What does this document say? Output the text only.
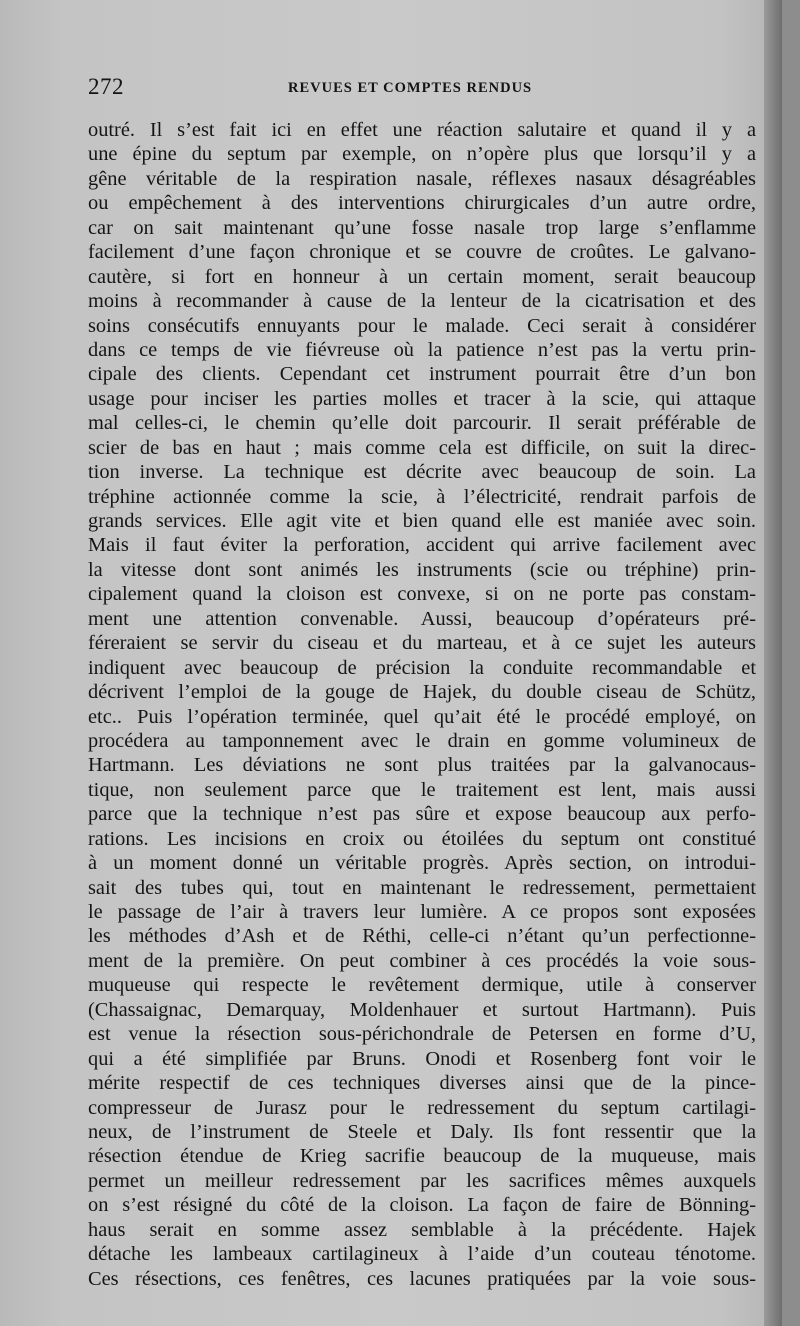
272	REVUES ET COMPTES RENDUS
outré. Il s’est fait ici en effet une réaction salutaire et quand il y a
une épine du septum par exemple, on n’opère plus que lorsqu’il y a
gêne véritable de la respiration nasale, réflexes nasaux désagréables
ou empêchement à des interventions chirurgicales d’un autre ordre,
car on sait maintenant qu’une fosse nasale trop large s’enflamme
facilement d’une façon chronique et se couvre de croûtes. Le galvano-
cautère, si fort en honneur à un certain moment, serait beaucoup
moins à recommander à cause de la lenteur de la cicatrisation et des
soins consécutifs ennuyants pour le malade. Ceci serait à considérer
dans ce temps de vie fiévreuse où la patience n’est pas la vertu prin-
cipale des clients. Cependant cet instrument pourrait être d’un bon
usage pour inciser les parties molles et tracer à la scie, qui attaque
mal celles-ci, le chemin qu’elle doit parcourir. Il serait préférable de
scier de bas en haut ; mais comme cela est difficile, on suit la direc-
tion inverse. La technique est décrite avec beaucoup de soin. La
tréphine actionnée comme la scie, à l’électricité, rendrait parfois de
grands services. Elle agit vite et bien quand elle est maniée avec soin.
Mais il faut éviter la perforation, accident qui arrive facilement avec
la vitesse dont sont animés les instruments (scie ou tréphine) prin-
cipalement quand la cloison est convexe, si on ne porte pas constam-
ment une attention convenable. Aussi, beaucoup d’opérateurs pré-
féreraient se servir du ciseau et du marteau, et à ce sujet les auteurs
indiquent avec beaucoup de précision la conduite recommandable et
décrivent l’emploi de la gouge de Hajek, du double ciseau de Schütz,
etc.. Puis l’opération terminée, quel qu’ait été le procédé employé, on
procédera au tamponnement avec le drain en gomme volumineux de
Hartmann. Les déviations ne sont plus traitées par la galvanocaus-
tique, non seulement parce que le traitement est lent, mais aussi
parce que la technique n’est pas sûre et expose beaucoup aux perfo-
rations. Les incisions en croix ou étoilées du septum ont constitué
à un moment donné un véritable progrès. Après section, on introdui-
sait des tubes qui, tout en maintenant le redressement, permettaient
le passage de l’air à travers leur lumière. A ce propos sont exposées
les méthodes d’Ash et de Réthi, celle-ci n’étant qu’un perfectionne-
ment de la première. On peut combiner à ces procédés la voie sous-
muqueuse qui respecte le revêtement dermique, utile à conserver
(Chassaignac, Demarquay, Moldenhauer et surtout Hartmann). Puis
est venue la résection sous-périchondrale de Petersen en forme d’U,
qui a été simplifiée par Bruns. Onodi et Rosenberg font voir le
mérite respectif de ces techniques diverses ainsi que de la pince-
compresseur de Jurasz pour le redressement du septum cartilagi-
neux, de l’instrument de Steele et Daly. Ils font ressentir que la
résection étendue de Krieg sacrifie beaucoup de la muqueuse, mais
permet un meilleur redressement par les sacrifices mêmes auxquels
on s’est résigné du côté de la cloison. La façon de faire de Bönning-
haus serait en somme assez semblable à la précédente. Hajek
détache les lambeaux cartilagineux à l’aide d’un couteau ténotome.
Ces résections, ces fenêtres, ces lacunes pratiquées par la voie sous-
